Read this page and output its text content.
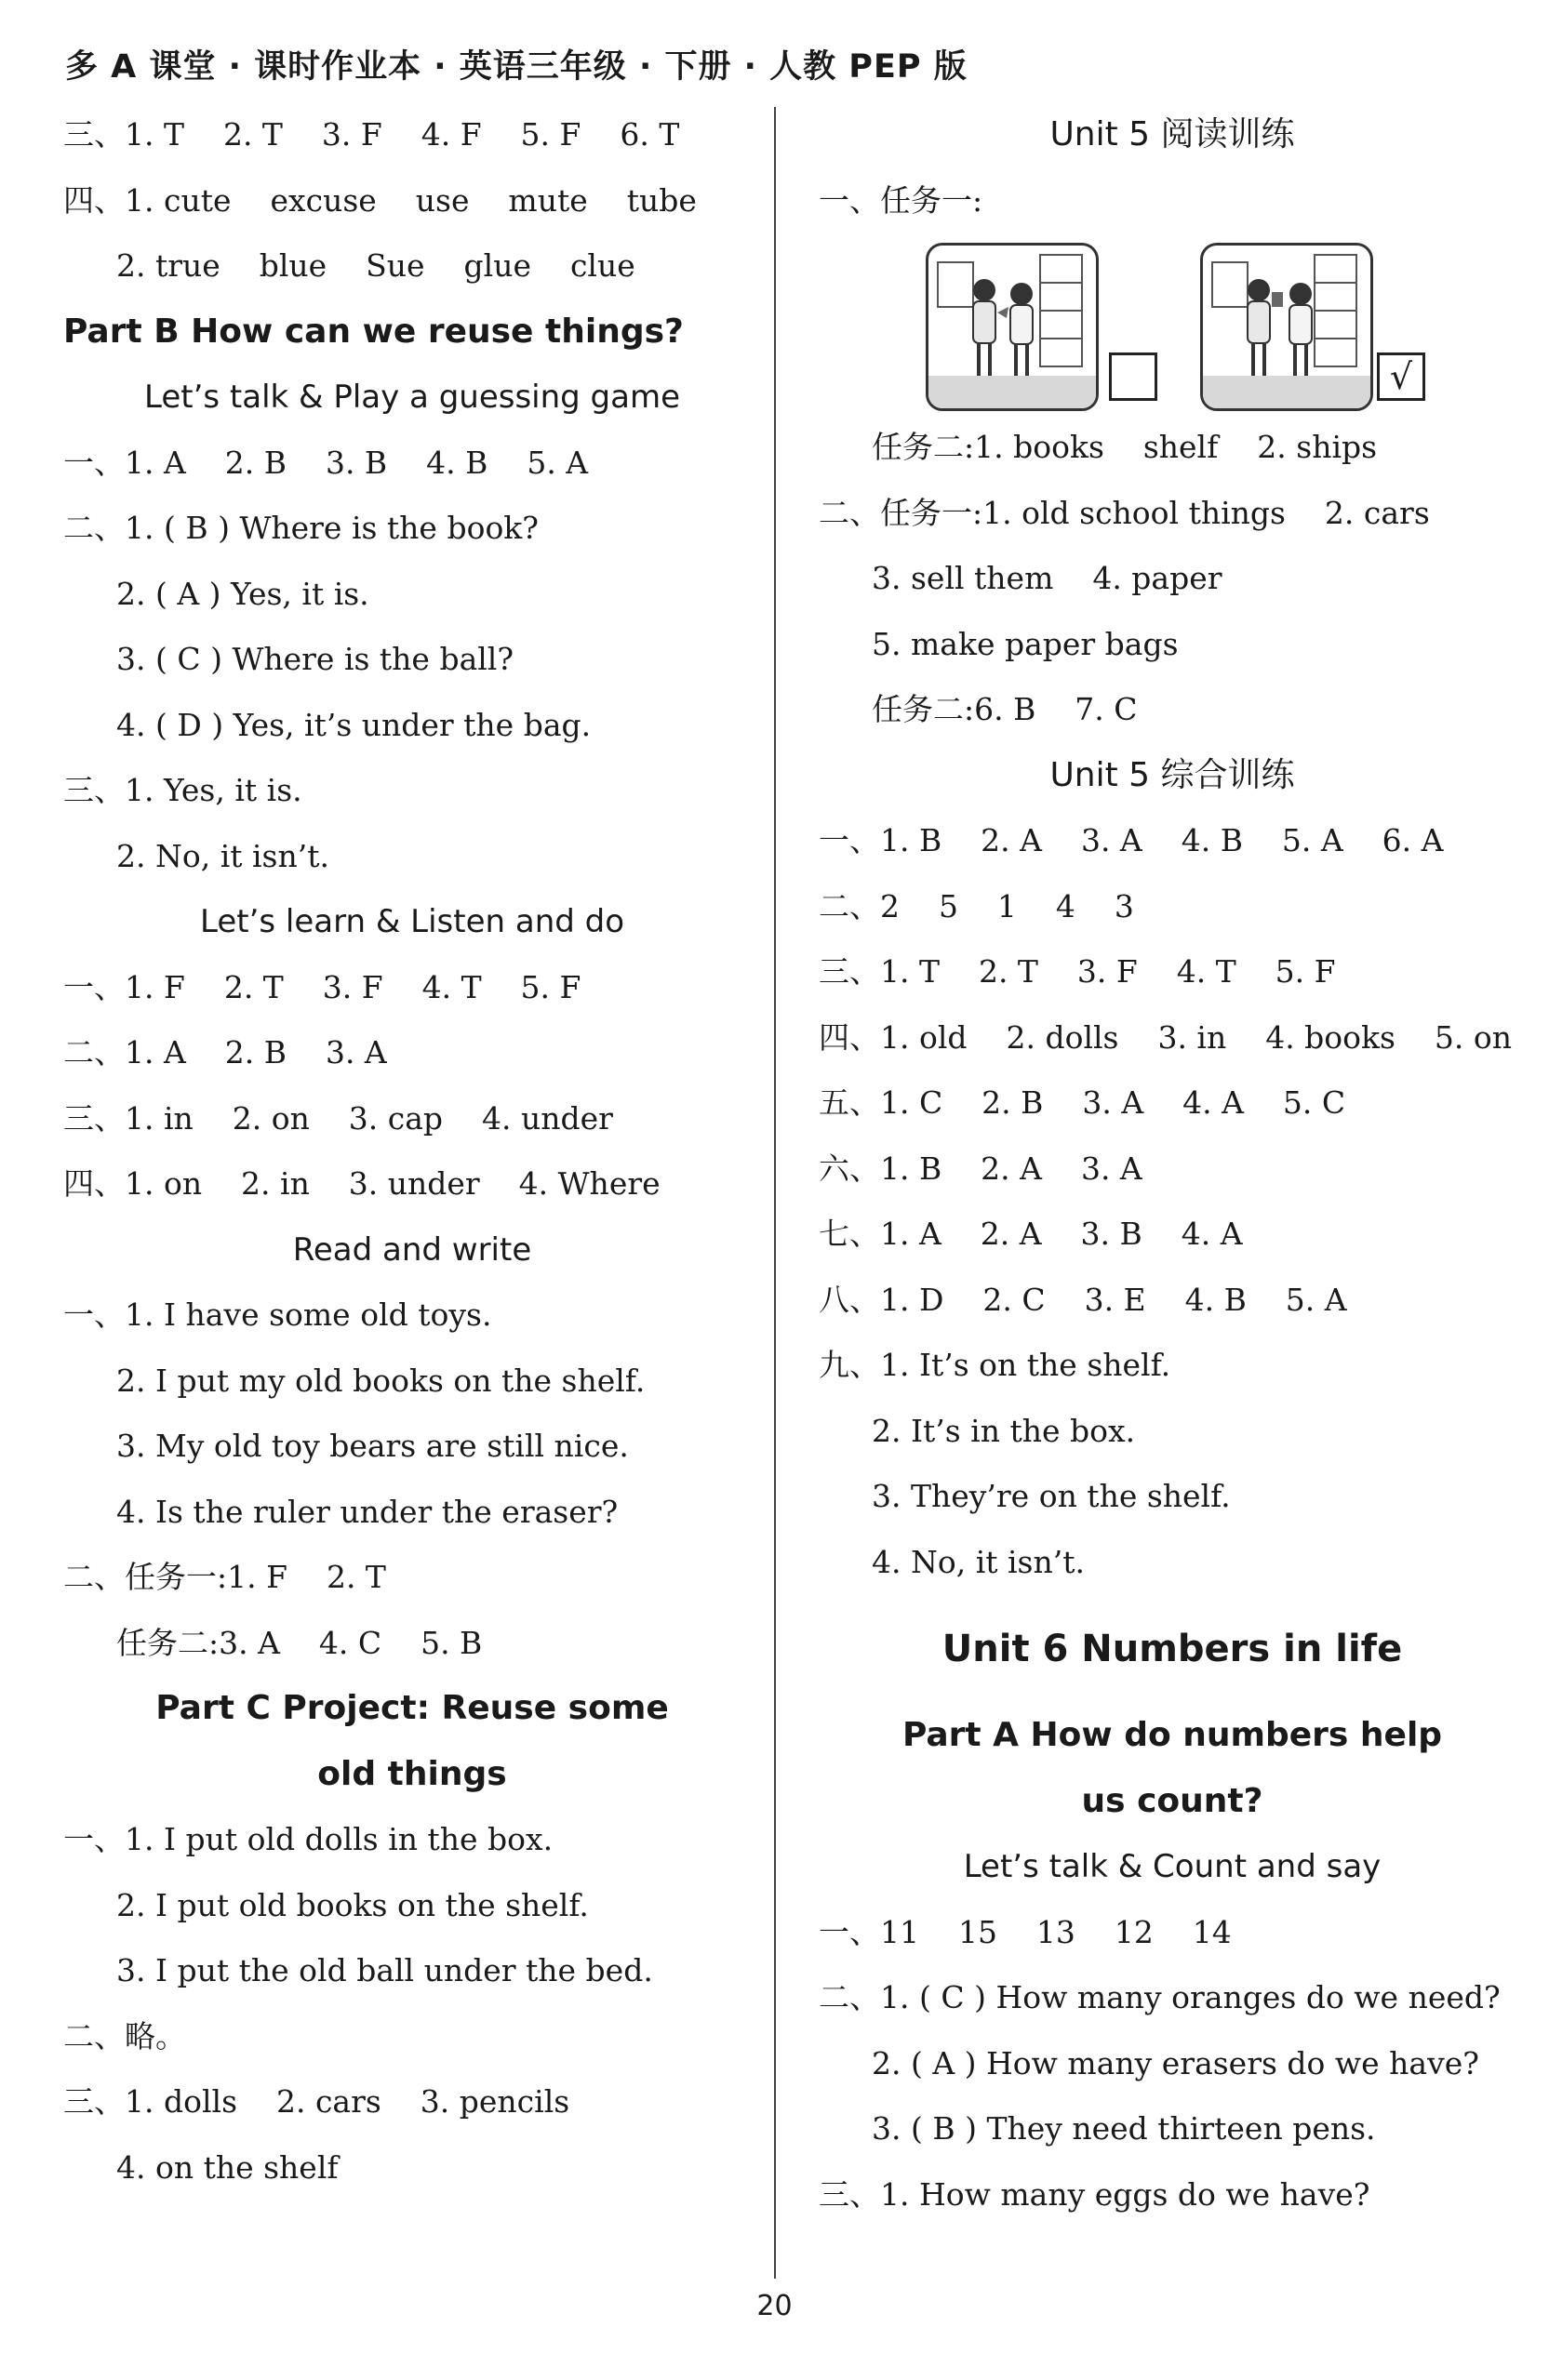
多 A 课堂 · 课时作业本 · 英语三年级 · 下册 · 人教 PEP 版
三、1. T    2. T    3. F    4. F    5. F    6. T
四、1. cute    excuse    use    mute    tube
2. true    blue    Sue    glue    clue
Part B How can we reuse things?
Let’s talk & Play a guessing game
一、1. A    2. B    3. B    4. B    5. A
二、1. ( B ) Where is the book?
2. ( A ) Yes, it is.
3. ( C ) Where is the ball?
4. ( D ) Yes, it’s under the bag.
三、1. Yes, it is.
2. No, it isn’t.
Let’s learn & Listen and do
一、1. F    2. T    3. F    4. T    5. F
二、1. A    2. B    3. A
三、1. in    2. on    3. cap    4. under
四、1. on    2. in    3. under    4. Where
Read and write
一、1. I have some old toys.
2. I put my old books on the shelf.
3. My old toy bears are still nice.
4. Is the ruler under the eraser?
二、任务一:1. F    2. T
任务二:3. A    4. C    5. B
Part C Project: Reuse some
old things
一、1. I put old dolls in the box.
2. I put old books on the shelf.
3. I put the old ball under the bed.
二、略。
三、1. dolls    2. cars    3. pencils
4. on the shelf
Unit 5 阅读训练
一、任务一:
√
任务二:1. books    shelf    2. ships
二、任务一:1. old school things    2. cars
3. sell them    4. paper
5. make paper bags
任务二:6. B    7. C
Unit 5 综合训练
一、1. B    2. A    3. A    4. B    5. A    6. A
二、2    5    1    4    3
三、1. T    2. T    3. F    4. T    5. F
四、1. old    2. dolls    3. in    4. books    5. on
五、1. C    2. B    3. A    4. A    5. C
六、1. B    2. A    3. A
七、1. A    2. A    3. B    4. A
八、1. D    2. C    3. E    4. B    5. A
九、1. It’s on the shelf.
2. It’s in the box.
3. They’re on the shelf.
4. No, it isn’t.
Unit 6 Numbers in life
Part A How do numbers help
us count?
Let’s talk & Count and say
一、11    15    13    12    14
二、1. ( C ) How many oranges do we need?
2. ( A ) How many erasers do we have?
3. ( B ) They need thirteen pens.
三、1. How many eggs do we have?
20
